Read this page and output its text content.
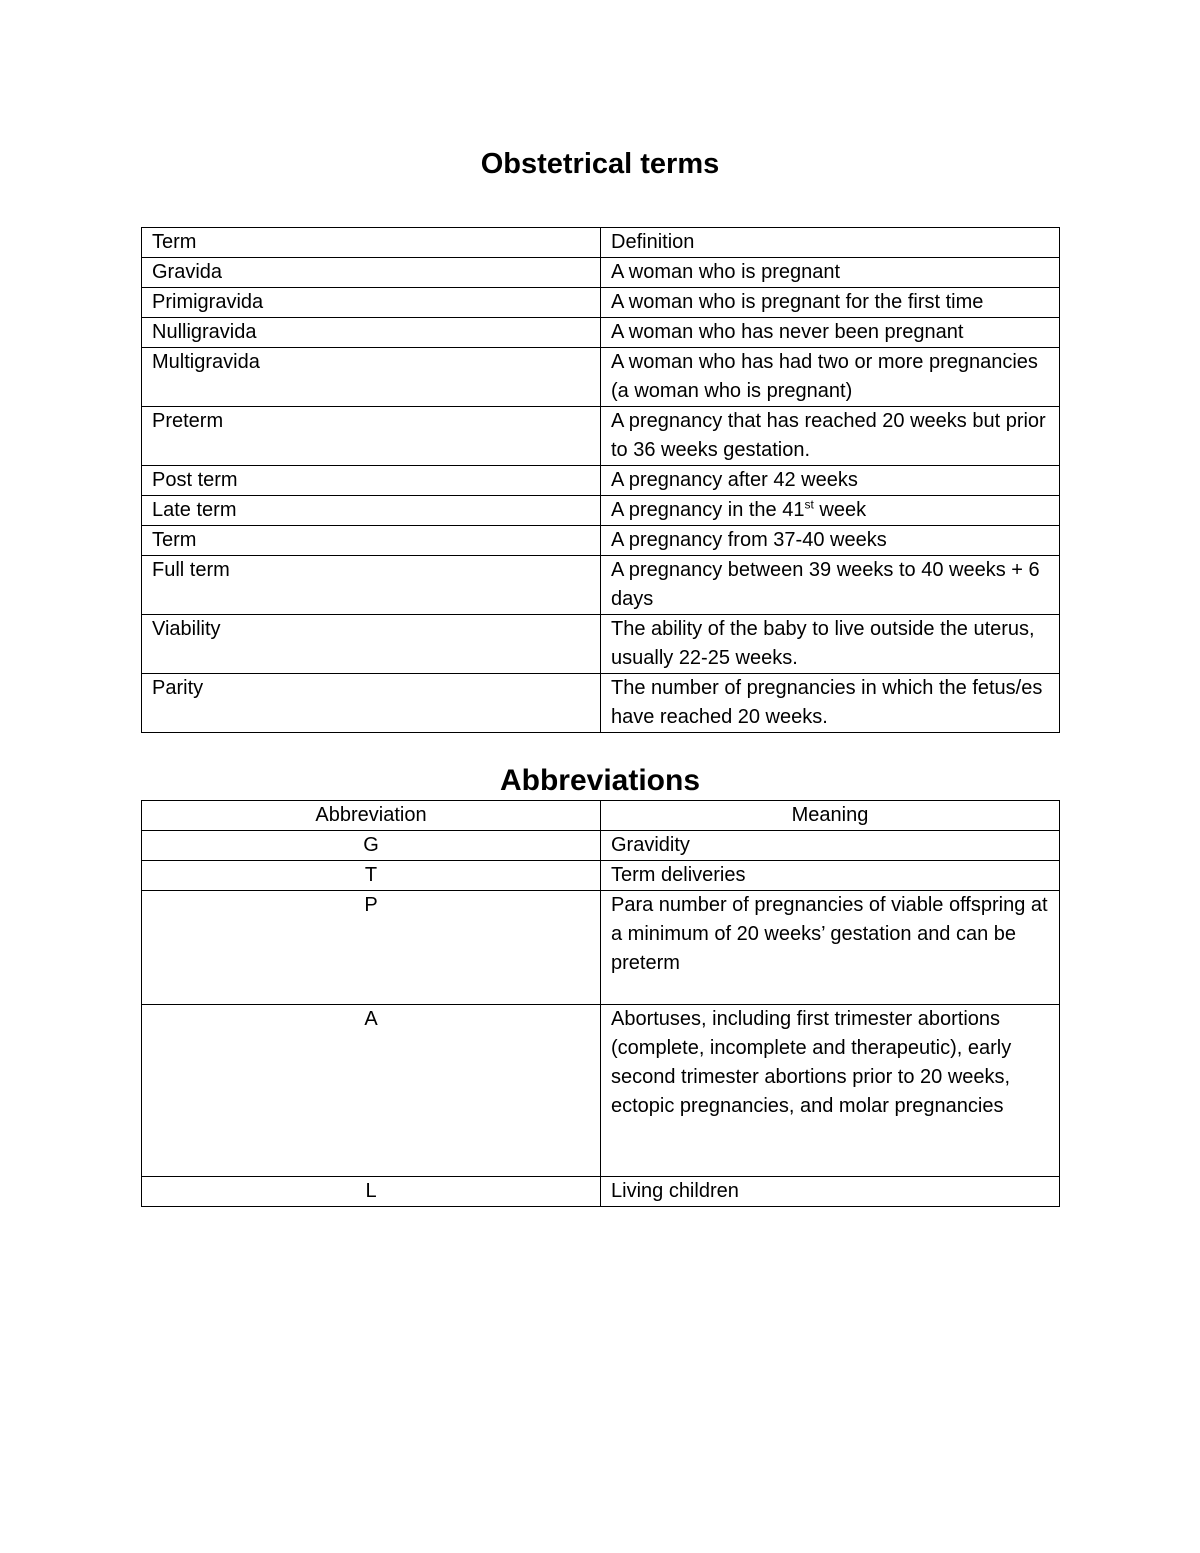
Obstetrical terms
Term	Definition
Gravida	A woman who is pregnant
Primigravida	A woman who is pregnant for the first time
Nulligravida	A woman who has never been pregnant
Multigravida	A woman who has had two or more pregnancies (a woman who is pregnant)
Preterm	A pregnancy that has reached 20 weeks but prior to 36 weeks gestation.
Post term	A pregnancy after 42 weeks
Late term	A pregnancy in the 41st week
Term	A pregnancy from 37-40 weeks
Full term	A pregnancy between 39 weeks to 40 weeks + 6 days
Viability	The ability of the baby to live outside the uterus, usually 22-25 weeks.
Parity	The number of pregnancies in which the fetus/es have reached 20 weeks.
Abbreviations
Abbreviation	Meaning
G	Gravidity
T	Term deliveries
P	Para number of pregnancies of viable offspring at a minimum of 20 weeks’ gestation and can be preterm
A	Abortuses, including first trimester abortions (complete, incomplete and therapeutic), early second trimester abortions prior to 20 weeks, ectopic pregnancies, and molar pregnancies
L	Living children
